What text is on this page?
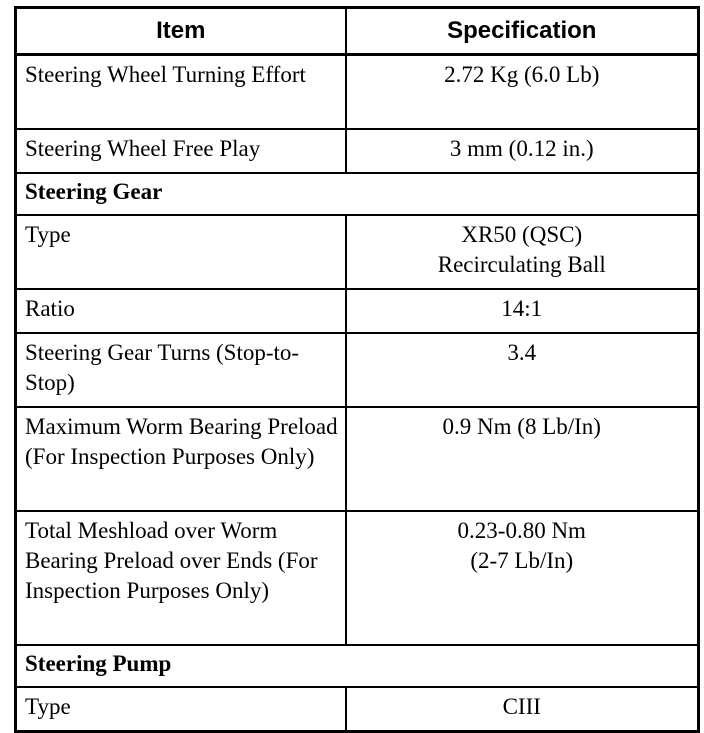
Item	Specification
Steering Wheel Turning Effort	2.72 Kg (6.0 Lb)
Steering Wheel Free Play	3 mm (0.12 in.)
Steering Gear	
Type	XR50 (QSC)
Recirculating Ball

Ratio	14:1
Steering Gear Turns (Stop-to-Stop)	3.4
Maximum Worm Bearing Preload (For Inspection Purposes Only)	0.9 Nm (8 Lb/In)
Total Meshload over Worm Bearing Preload over Ends (For Inspection Purposes Only)	0.23-0.80 Nm
(2-7 Lb/In)

Steering Pump	
Type	CIII
